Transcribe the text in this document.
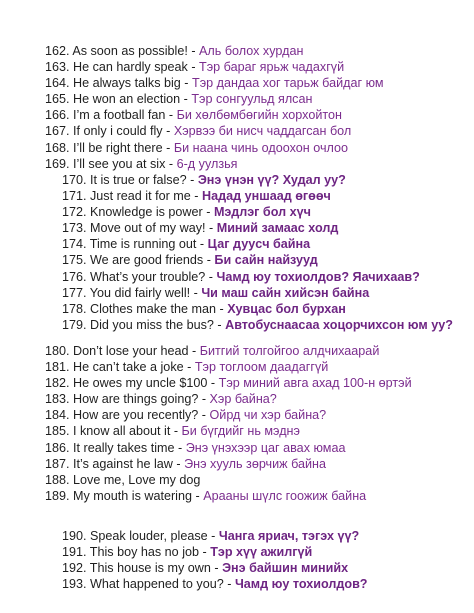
162. As soon as possible! - Аль болох хурдан
163. He can hardly speak - Тэр бараг ярьж чадахгүй
164. He always talks big - Тэр дандаа хог тарьж байдаг юм
165. He won an election - Тэр сонгуульд ялсан
166. I’m a football fan - Би хөлбөмбөгийн хорхойтон
167. If only i could fly - Хэрвээ би нисч чаддагсан бол
168. I’ll be right there - Би наана чинь одоохон очлоо
169. I’ll see you at six - 6-д уулзья
170. It is true or false? - Энэ үнэн үү? Худал уу?
171. Just read it for me - Надад уншаад өгөөч
172. Knowledge is power - Мэдлэг бол хүч
173. Move out of my way! - Миний замаас холд
174. Time is running out - Цаг дууcч байна
175. We are good friends - Би сайн найзууд
176. What’s your trouble? - Чамд юу тохиолдов? Яачихаав?
177. You did fairly well! - Чи маш сайн хийсэн байна
178. Clothes make the man - Хувцас бол бурхан
179. Did you miss the bus? - Автобуснаасаа хоцорчихсон юм уу?
180. Don’t lose your head - Битгий толгойгоо алдчихаарай
181. He can’t take a joke - Тэр тоглоом даадаггүй
182. He owes my uncle $100 - Тэр миний авга ахад 100-н өртэй
183. How are things going? - Хэр байна?
184. How are you recently? - Ойрд чи хэр байна?
185. I know all about it - Би бүгдийг нь мэднэ
186. It really takes time - Энэ үнэхээр цаг авах юмаа
187. It’s against he law - Энэ хууль зөрчиж байна
188. Love me, Love my dog
189. My mouth is watering - Арааны шүлс гоожиж байна
190. Speak louder, please - Чанга яриач, тэгэх үү?
191. This boy has no job - Тэр хүү ажилгүй
192. This house is my own - Энэ байшин минийх
193. What happened to you? - Чамд юу тохиолдов?
